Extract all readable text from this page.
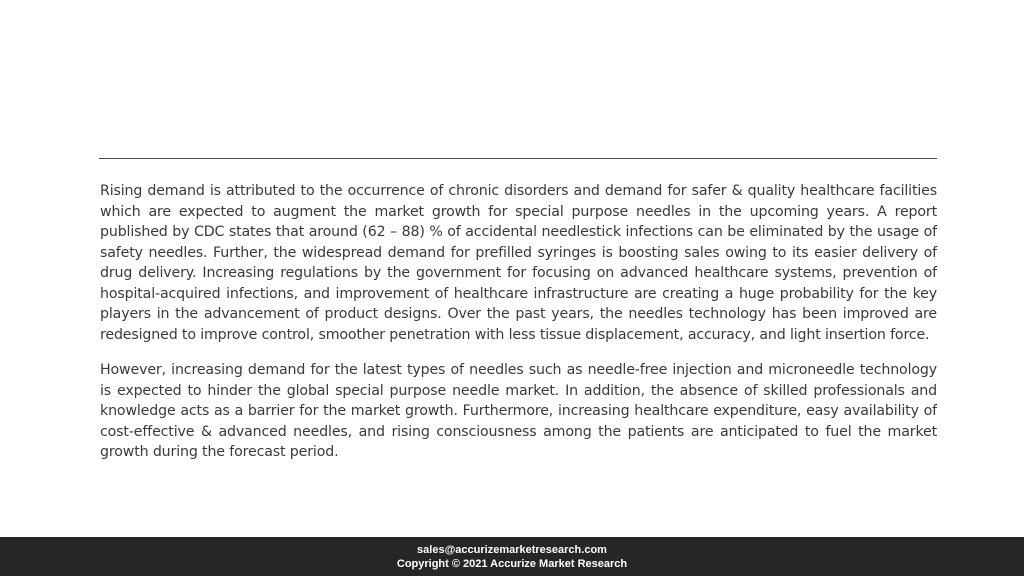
Rising demand is attributed to the occurrence of chronic disorders and demand for safer & quality healthcare facilities which are expected to augment the market growth for special purpose needles in the upcoming years. A report published by CDC states that around (62 – 88) % of accidental needlestick infections can be eliminated by the usage of safety needles. Further, the widespread demand for prefilled syringes is boosting sales owing to its easier delivery of drug delivery. Increasing regulations by the government for focusing on advanced healthcare systems, prevention of hospital-acquired infections, and improvement of healthcare infrastructure are creating a huge probability for the key players in the advancement of product designs. Over the past years, the needles technology has been improved are redesigned to improve control, smoother penetration with less tissue displacement, accuracy, and light insertion force.

However, increasing demand for the latest types of needles such as needle-free injection and microneedle technology is expected to hinder the global special purpose needle market. In addition, the absence of skilled professionals and knowledge acts as a barrier for the market growth. Furthermore, increasing healthcare expenditure, easy availability of cost-effective & advanced needles, and rising consciousness among the patients are anticipated to fuel the market growth during the forecast period.

sales@accurizemarketresearch.com
Copyright © 2021 Accurize Market Research
